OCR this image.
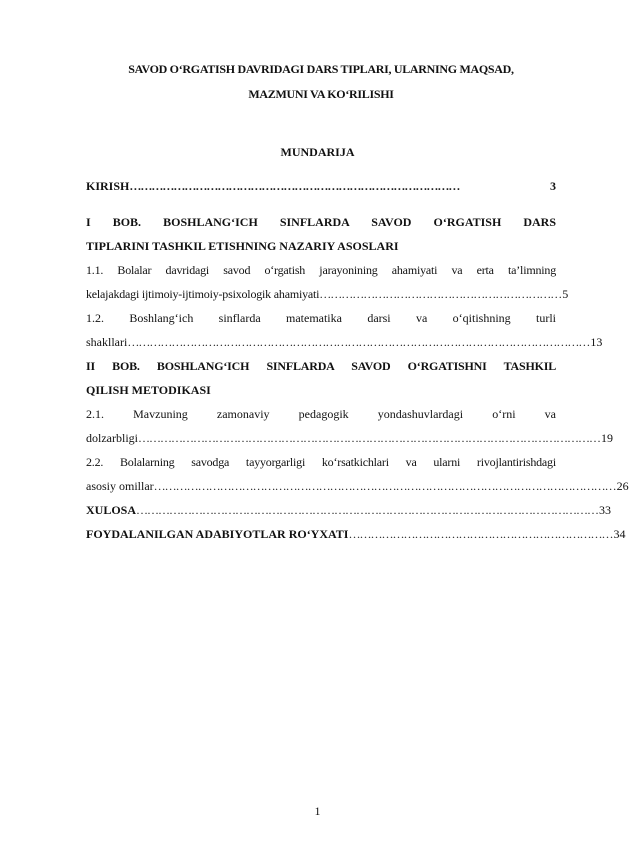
SAVOD O‘RGATISH DAVRIDAGI DARS TIPLARI, ULARNING MAQSAD,
MAZMUNI VA KO‘RILISHI
MUNDARIJA
KIRISH ………………………………………………………………………………	3
I BOB. BOSHLANG‘ICH SINFLARDA SAVOD O‘RGATISH DARS
TIPLARINI TASHKIL ETISHNING NAZARIY ASOSLARI
1.1. Bolalar davridagi savod o‘rgatish jarayonining ahamiyati va erta ta’limning
kelajakdagi ijtimoiy-ijtimoiy-psixologik ahamiyati ………………………………………………………… 5
1.2. Boshlang‘ich sinflarda matematika darsi va o‘qitishning turli
shakllari ……………………………………………………………………………………………………………… 13
II BOB. BOSHLANG‘ICH SINFLARDA SAVOD O‘RGATISHNI TASHKIL
QILISH METODIKASI
2.1. Mavzuning zamonaviy pedagogik yondashuvlardagi o‘rni va
dolzarbligi ……………………………………………………………………………………………………………… 19
2.2. Bolalarning savodga tayyorgarligi ko‘rsatkichlari va ularni rivojlantirishdagi
asosiy omillar ……………………………………………………………………………………………………………… 26
XULOSA ……………………………………………………………………………………………………………… 33
FOYDALANILGAN ADABIYOTLAR RO‘YXATI ……………………………………………………………… 34
1
